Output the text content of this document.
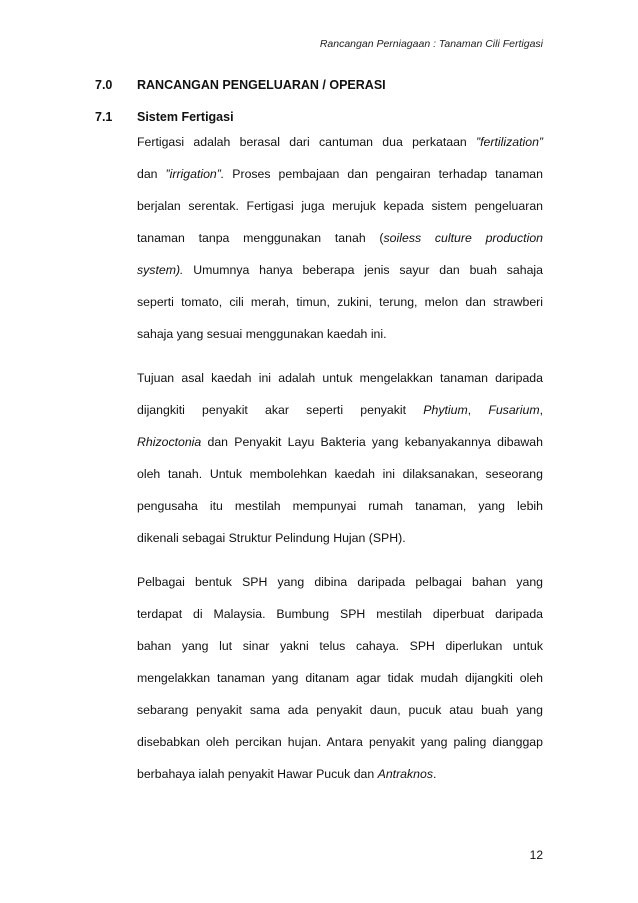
Rancangan Perniagaan : Tanaman Cili Fertigasi
7.0 RANCANGAN PENGELUARAN / OPERASI
7.1 Sistem Fertigasi
Fertigasi adalah berasal dari cantuman dua perkataan ”fertilization”
dan ”irrigation”. Proses pembajaan dan pengairan terhadap tanaman
berjalan serentak. Fertigasi juga merujuk kepada sistem pengeluaran
tanaman tanpa menggunakan tanah (soiless culture production
system). Umumnya hanya beberapa jenis sayur dan buah sahaja
seperti tomato, cili merah, timun, zukini, terung, melon dan strawberi
sahaja yang sesuai menggunakan kaedah ini.
Tujuan asal kaedah ini adalah untuk mengelakkan tanaman daripada
dijangkiti penyakit akar seperti penyakit Phytium, Fusarium,
Rhizoctonia dan Penyakit Layu Bakteria yang kebanyakannya dibawah
oleh tanah. Untuk membolehkan kaedah ini dilaksanakan, seseorang
pengusaha itu mestilah mempunyai rumah tanaman, yang lebih
dikenali sebagai Struktur Pelindung Hujan (SPH).
Pelbagai bentuk SPH yang dibina daripada pelbagai bahan yang
terdapat di Malaysia. Bumbung SPH mestilah diperbuat daripada
bahan yang lut sinar yakni telus cahaya. SPH diperlukan untuk
mengelakkan tanaman yang ditanam agar tidak mudah dijangkiti oleh
sebarang penyakit sama ada penyakit daun, pucuk atau buah yang
disebabkan oleh percikan hujan. Antara penyakit yang paling dianggap
berbahaya ialah penyakit Hawar Pucuk dan Antraknos.
12
